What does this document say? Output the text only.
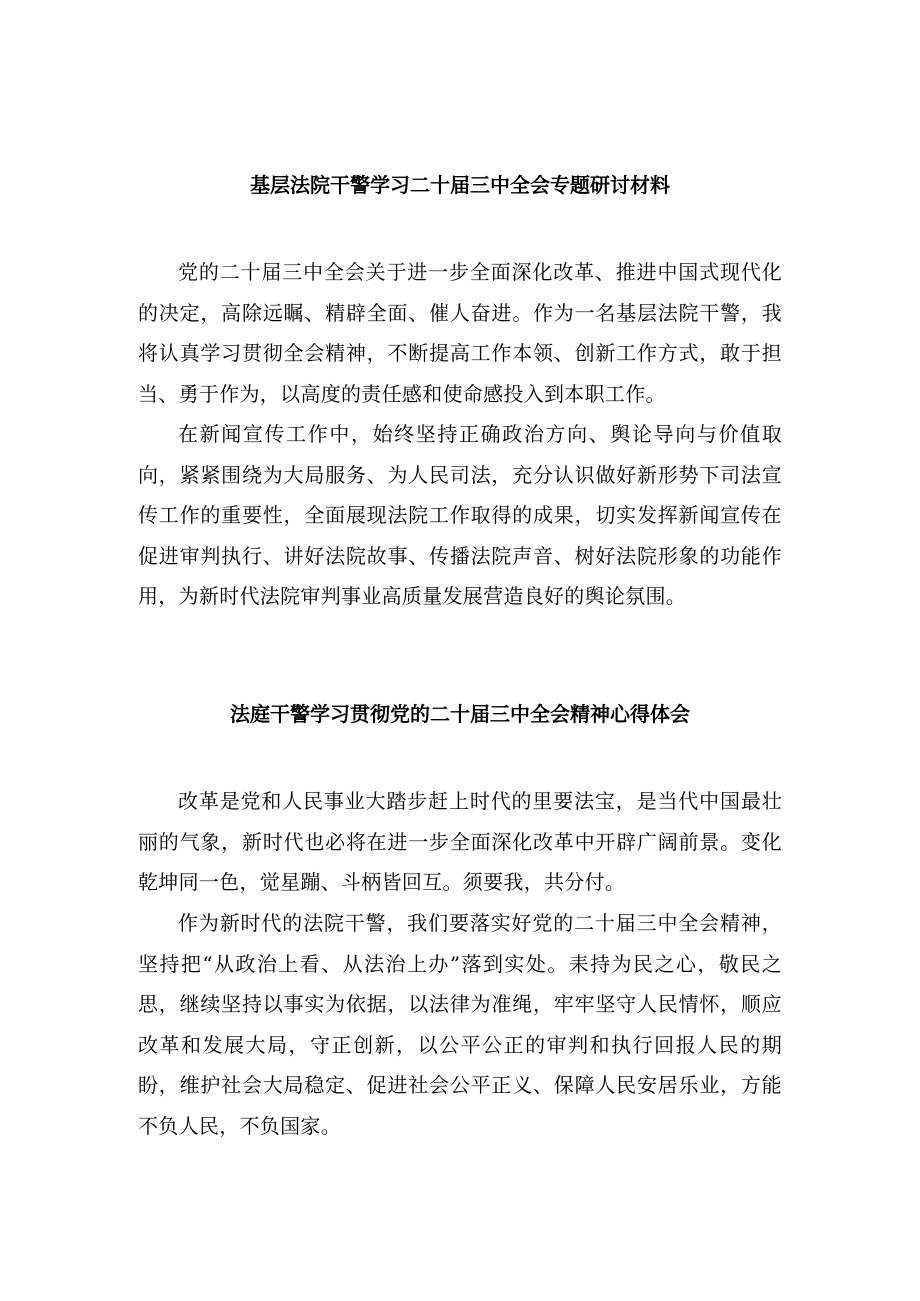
基层法院干警学习二十届三中全会专题研讨材料

党的二十届三中全会关于进一步全面深化改革、推进中国式现代化的决定，高除远瞩、精辟全面、催人奋进。作为一名基层法院干警，我将认真学习贯彻全会精神，不断提高工作本领、创新工作方式，敢于担当、勇于作为，以高度的责任感和使命感投入到本职工作。

在新闻宣传工作中，始终坚持正确政治方向、舆论导向与价值取向，紧紧围绕为大局服务、为人民司法，充分认识做好新形势下司法宣传工作的重要性，全面展现法院工作取得的成果，切实发挥新闻宣传在促进审判执行、讲好法院故事、传播法院声音、树好法院形象的功能作用，为新时代法院审判事业高质量发展营造良好的舆论氛围。

法庭干警学习贯彻党的二十届三中全会精神心得体会

改革是党和人民事业大踏步赶上时代的里要法宝，是当代中国最壮丽的气象，新时代也必将在进一步全面深化改革中开辟广阔前景。变化乾坤同一色，觉星蹦、斗柄皆回互。须要我，共分付。

作为新时代的法院干警，我们要落实好党的二十届三中全会精神，坚持把“从政治上看、从法治上办”落到实处。耒持为民之心，敬民之思，继续坚持以事实为依据，以法律为准绳，牢牢坚守人民情怀，顺应改革和发展大局，守正创新，以公平公正的审判和执行回报人民的期盼，维护社会大局稳定、促进社会公平正义、保障人民安居乐业，方能不负人民，不负国家。
